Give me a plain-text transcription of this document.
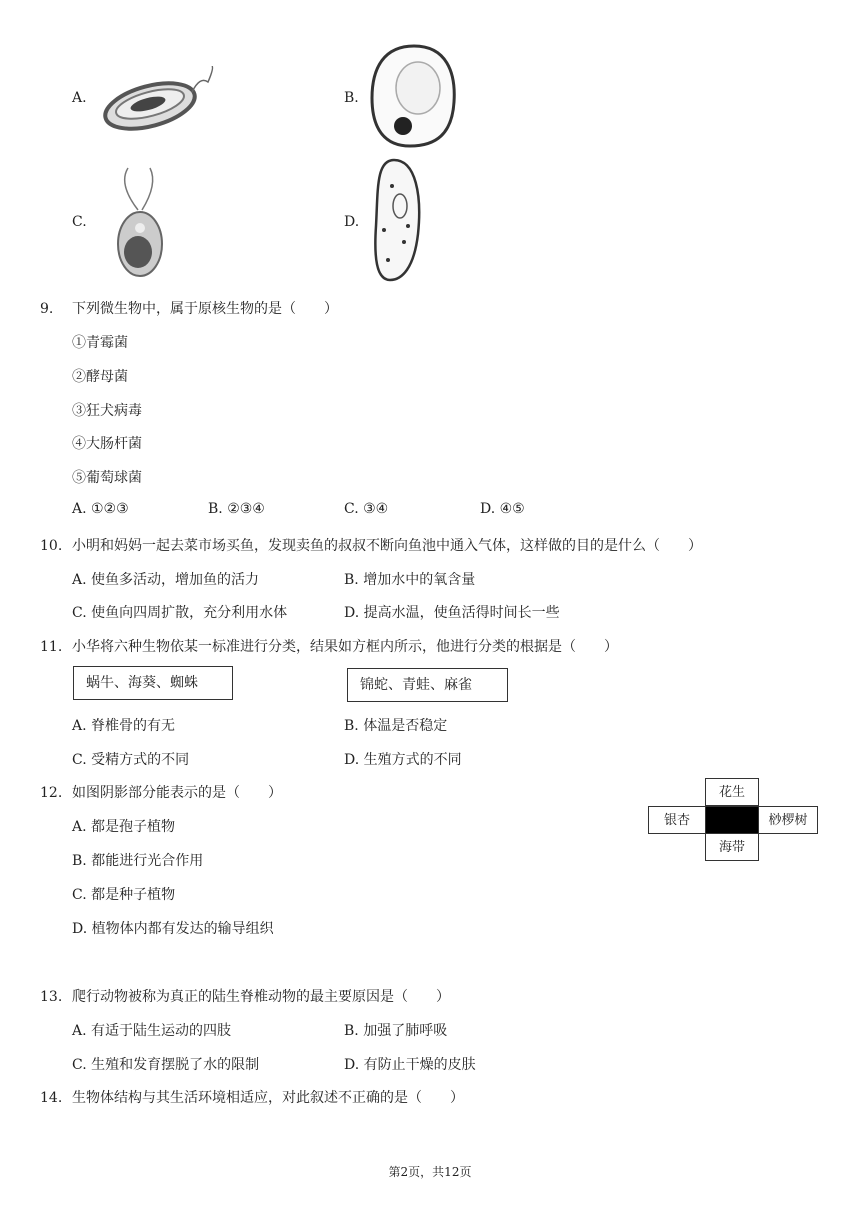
A.	B.
C.	D.
9. 下列微生物中，属于原核生物的是（　　）
①青霉菌
②酵母菌
③狂犬病毒
④大肠杆菌
⑤葡萄球菌
A. ①②③	B. ②③④	C. ③④	D. ④⑤
10. 小明和妈妈一起去菜市场买鱼，发现卖鱼的叔叔不断向鱼池中通入气体，这样做的目的是什么（　　）
A. 使鱼多活动，增加鱼的活力	B. 增加水中的氧含量
C. 使鱼向四周扩散，充分利用水体	D. 提高水温，使鱼活得时间长一些
11. 小华将六种生物依某一标准进行分类，结果如方框内所示，他进行分类的根据是（　　）
蜗牛、海葵、蜘蛛	锦蛇、青蛙、麻雀
A. 脊椎骨的有无	B. 体温是否稳定
C. 受精方式的不同	D. 生殖方式的不同
12. 如图阴影部分能表示的是（　　）
A. 都是孢子植物
B. 都能进行光合作用
C. 都是种子植物
D. 植物体内都有发达的输导组织
花生
银杏	桫椤树
海带
13. 爬行动物被称为真正的陆生脊椎动物的最主要原因是（　　）
A. 有适于陆生运动的四肢	B. 加强了肺呼吸
C. 生殖和发育摆脱了水的限制	D. 有防止干燥的皮肤
14. 生物体结构与其生活环境相适应，对此叙述不正确的是（　　）
第2页，共12页
